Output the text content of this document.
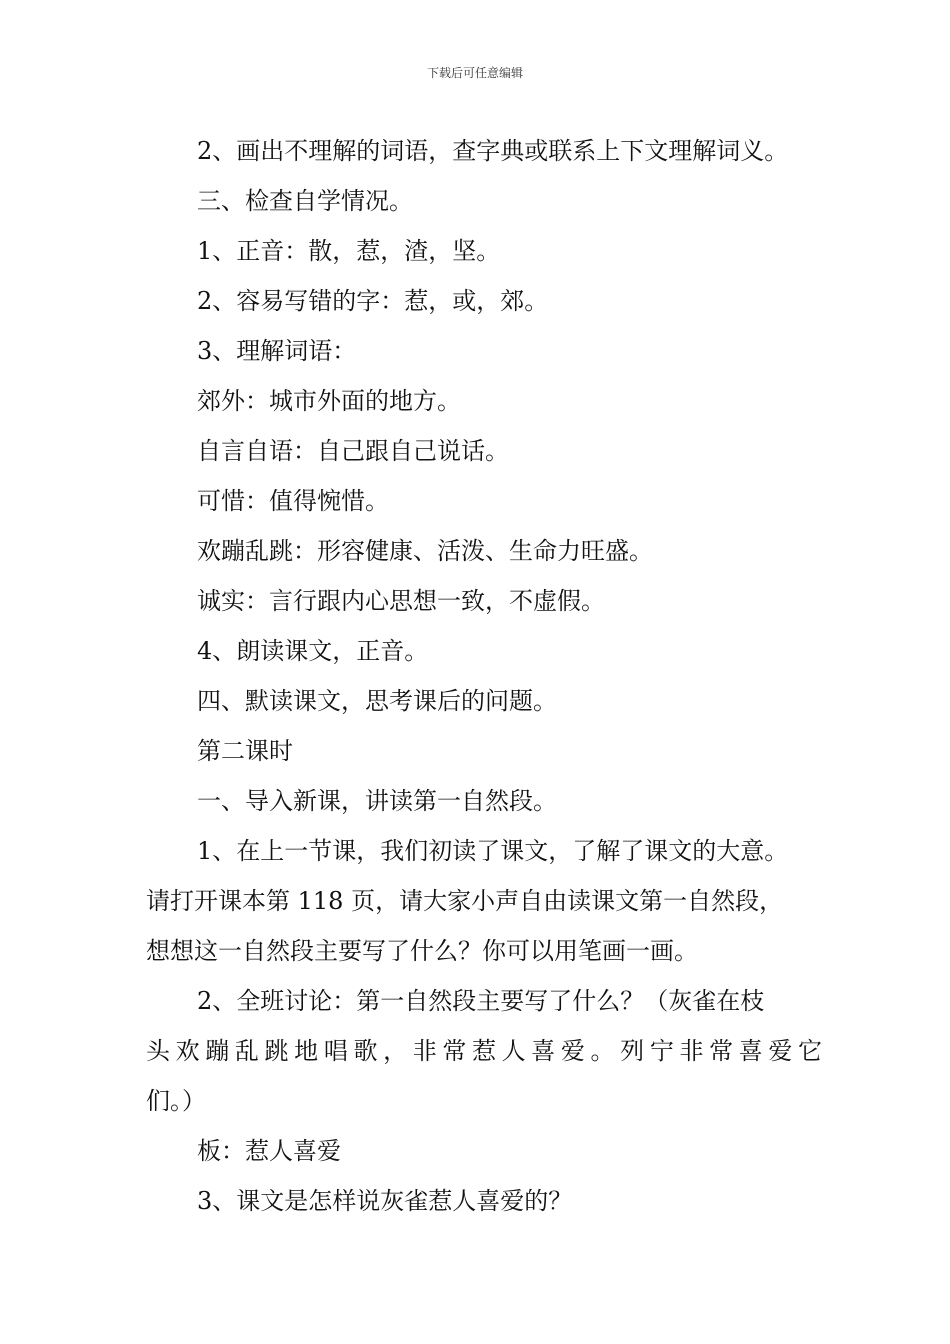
下载后可任意编辑
2、画出不理解的词语，查字典或联系上下文理解词义。
三、检查自学情况。
1、正音：散，惹，渣，坚。
2、容易写错的字：惹，或，郊。
3、理解词语：
郊外：城市外面的地方。
自言自语：自己跟自己说话。
可惜：值得惋惜。
欢蹦乱跳：形容健康、活泼、生命力旺盛。
诚实：言行跟内心思想一致，不虚假。
4、朗读课文，正音。
四、默读课文，思考课后的问题。
第二课时
一、导入新课，讲读第一自然段。
1、在上一节课，我们初读了课文，了解了课文的大意。
请打开课本第 118 页，请大家小声自由读课文第一自然段，
想想这一自然段主要写了什么？你可以用笔画一画。
2、全班讨论：第一自然段主要写了什么？（灰雀在枝
头欢蹦乱跳地唱歌，非常惹人喜爱。列宁非常喜爱它
们。）
板：惹人喜爱
3、课文是怎样说灰雀惹人喜爱的？
